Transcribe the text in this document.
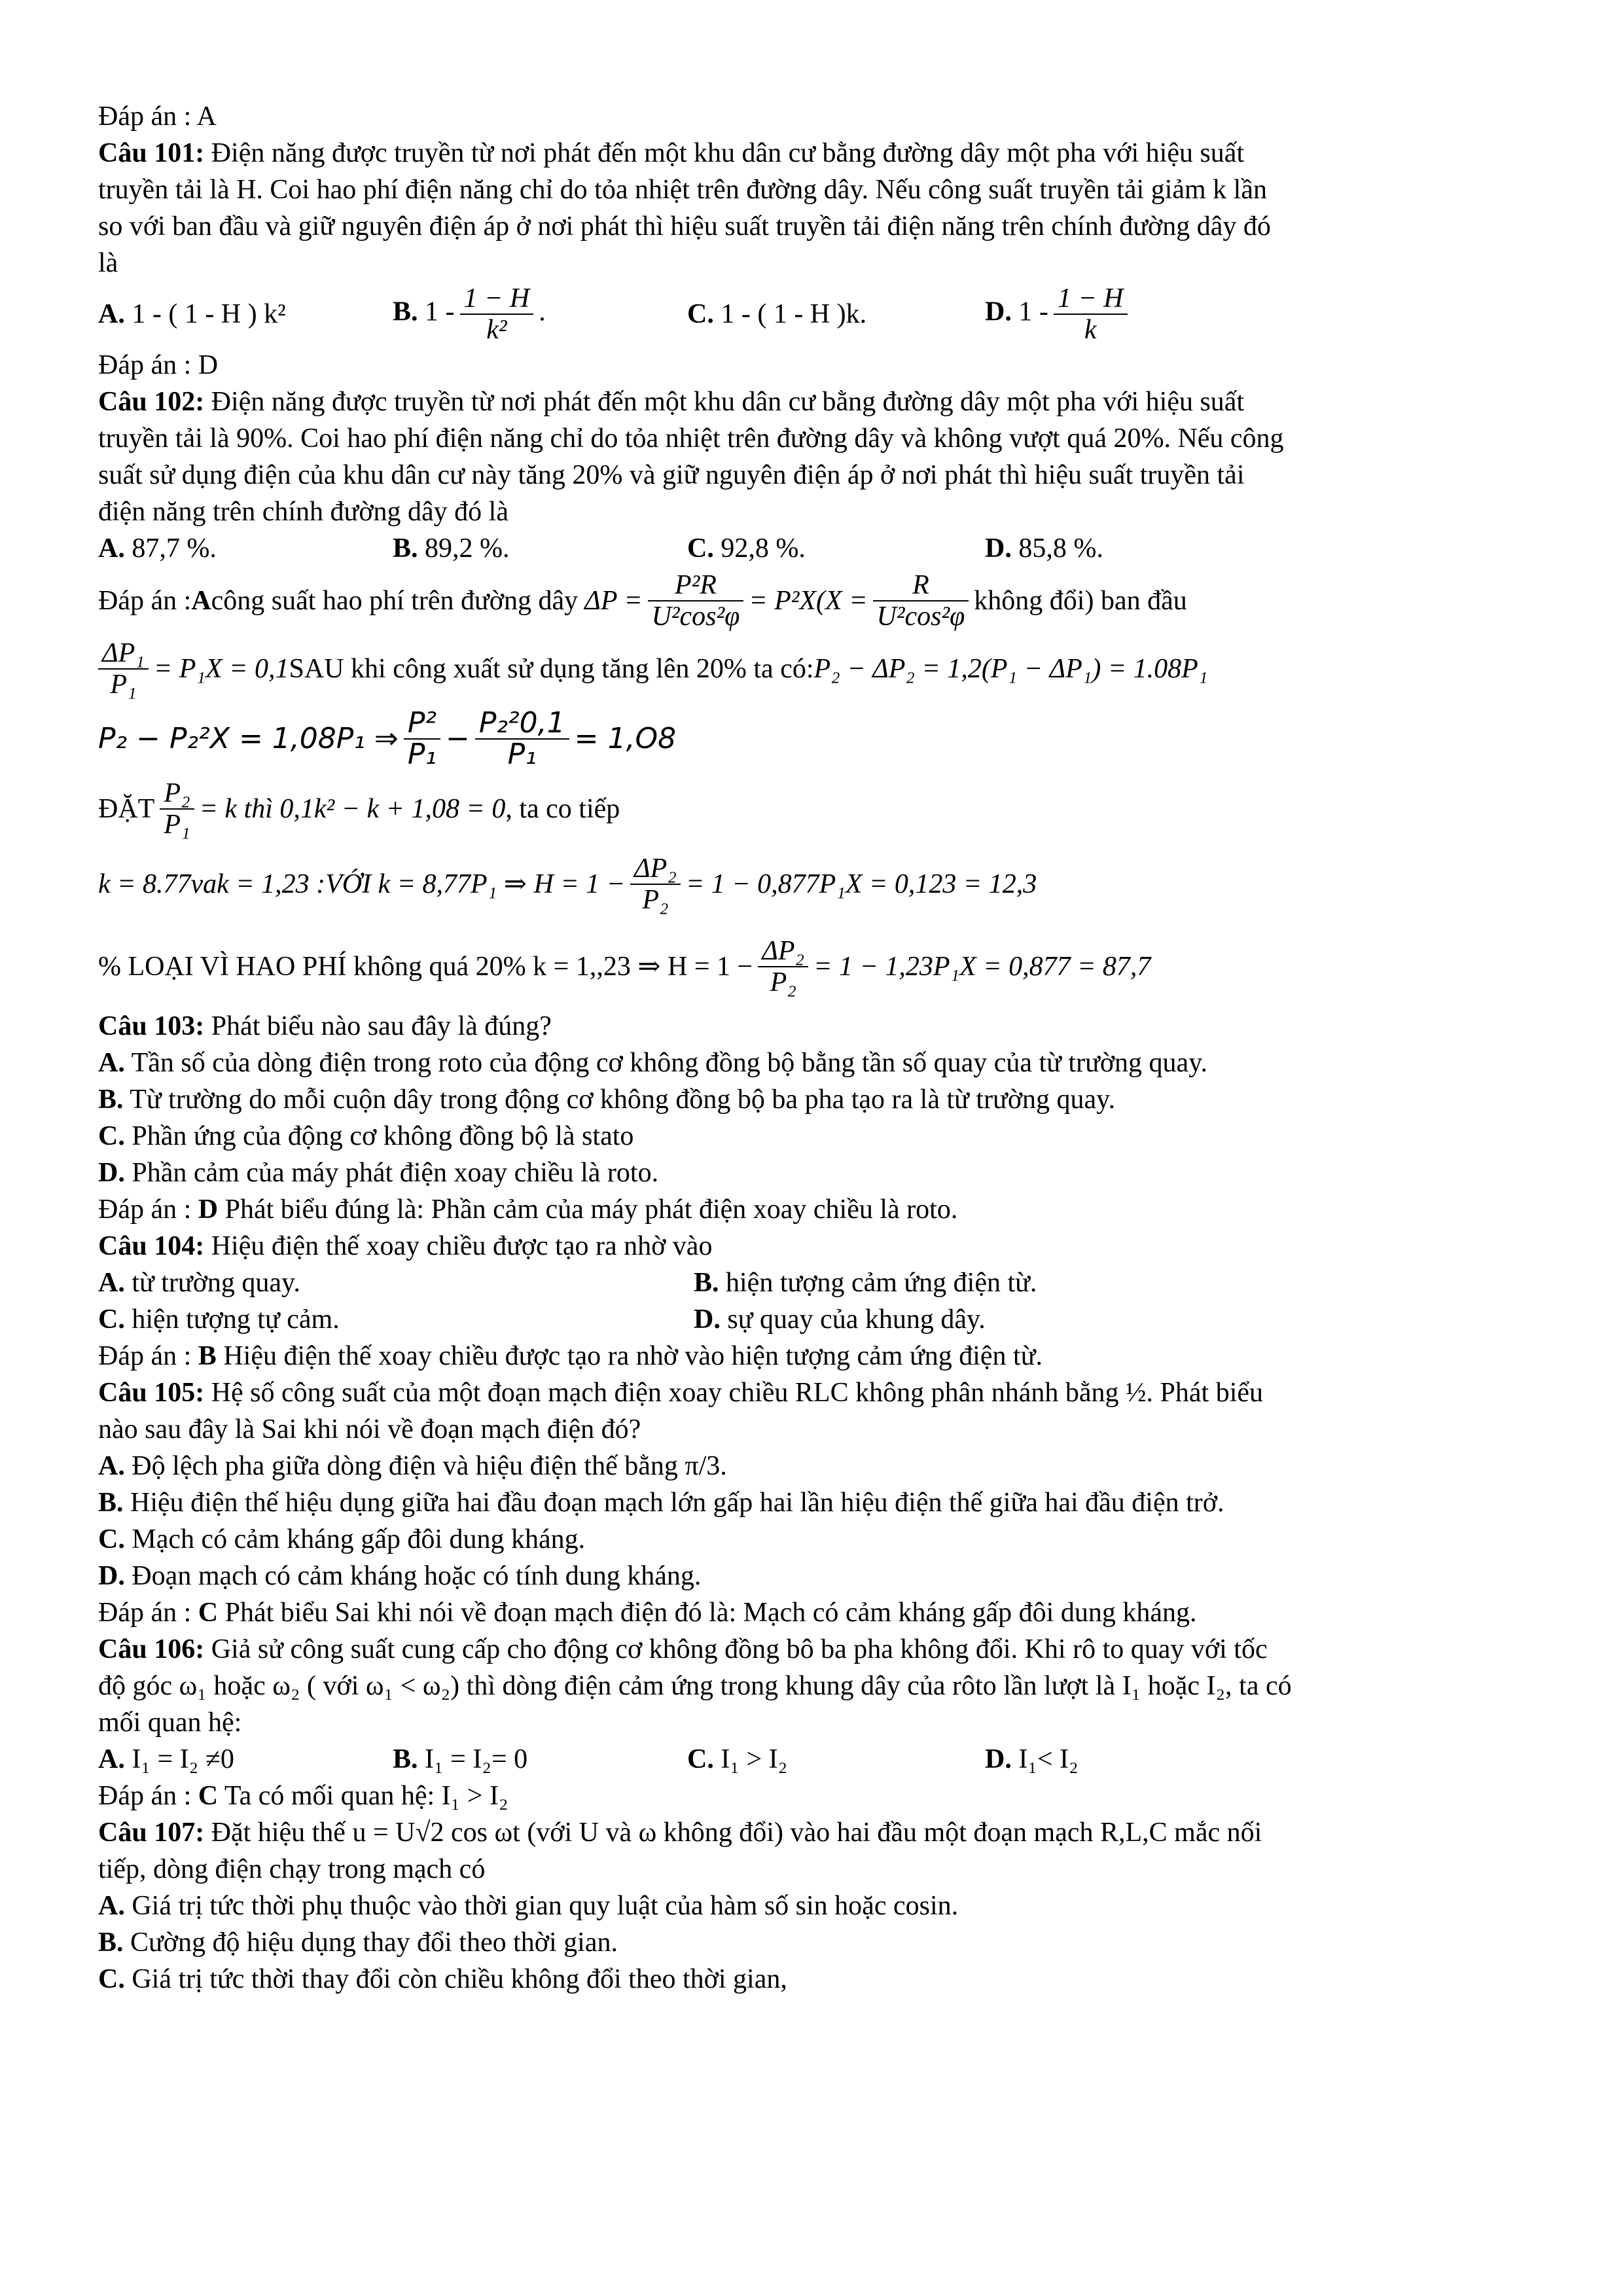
Đáp án : A
Câu 101: Điện năng được truyền từ nơi phát đến một khu dân cư bằng đường dây một pha với hiệu suất
truyền tải là H. Coi hao phí điện năng chỉ do tỏa nhiệt trên đường dây. Nếu công suất truyền tải giảm k lần
so với ban đầu và giữ nguyên điện áp ở nơi phát thì hiệu suất truyền tải điện năng trên chính đường dây đó
là
A. 1 - ( 1 - H ) k²	B. $1 - \frac{1 - H}{\text{k²}}$ .	C. 1 - ( 1 - H )k.	D. $1 - \frac{1 - H}{k}$
Đáp án : D
Câu 102: Điện năng được truyền từ nơi phát đến một khu dân cư bằng đường dây một pha với hiệu suất
truyền tải là 90%. Coi hao phí điện năng chỉ do tỏa nhiệt trên đường dây và không vượt quá 20%. Nếu công
suất sử dụng điện của khu dân cư này tăng 20% và giữ nguyên điện áp ở nơi phát thì hiệu suất truyền tải
điện năng trên chính đường dây đó là
A. 87,7 %.	B. 89,2 %.	C. 92,8 %.	D. 85,8 %.
Đáp án : A công suất hao phí trên đường dây $\Delta P = \frac{\text{P²R}}{\text{U²cos²φ}} = P^2X(X = \frac{R}{\text{U²cos²φ}}$ không đổi) ban đầu
$\frac{\text{ΔP₁}}{\text{P₁}} = P_1X = 0,1$ SAU khi công xuất sử dụng tăng lên 20% ta có: P₂ − ΔP₂ = 1,2(P₁ − ΔP₁) = 1.08P₁
P₂ − P₂²X = 1,08P₁ ⇒ $\frac{\text{P²}}{\text{P₁}} - \frac{\text{P₂²0,1}}{\text{P₁}} = 1,O8$
ĐẶT $\frac{\text{P₂}}{\text{P₁}} = k$ thì 0,1k² − k + 1,08 = 0 , ta co tiếp
k = 8.77vak = 1,23 :VỚI k = 8,77P₁ ⇒ $H = 1 - \frac{\text{ΔP₂}}{\text{P₂}} = 1 - 0,877P_1X = 0,123 = 12,3$
% LOẠI VÌ HAO PHÍ không quá 20% k = 1,,23 ⇒ $H = 1 - \frac{\text{ΔP₂}}{\text{P₂}} = 1 - 1,23P_1X = 0,877 = 87,7$
Câu 103: Phát biểu nào sau đây là đúng?
A. Tần số của dòng điện trong roto của động cơ không đồng bộ bằng tần số quay của từ trường quay.
B. Từ trường do mỗi cuộn dây trong động cơ không đồng bộ ba pha tạo ra là từ trường quay.
C. Phần ứng của động cơ không đồng bộ là stato
D. Phần cảm của máy phát điện xoay chiều là roto.
Đáp án : D Phát biểu đúng là: Phần cảm của máy phát điện xoay chiều là roto.
Câu 104: Hiệu điện thế xoay chiều được tạo ra nhờ vào
A. từ trường quay.	B. hiện tượng cảm ứng điện từ.
C. hiện tượng tự cảm.	D. sự quay của khung dây.
Đáp án : B Hiệu điện thế xoay chiều được tạo ra nhờ vào hiện tượng cảm ứng điện từ.
Câu 105: Hệ số công suất của một đoạn mạch điện xoay chiều RLC không phân nhánh bằng ½. Phát biểu
nào sau đây là Sai khi nói về đoạn mạch điện đó?
A. Độ lệch pha giữa dòng điện và hiệu điện thế bằng π/3.
B. Hiệu điện thế hiệu dụng giữa hai đầu đoạn mạch lớn gấp hai lần hiệu điện thế giữa hai đầu điện trở.
C. Mạch có cảm kháng gấp đôi dung kháng.
D. Đoạn mạch có cảm kháng hoặc có tính dung kháng.
Đáp án : C Phát biểu Sai khi nói về đoạn mạch điện đó là: Mạch có cảm kháng gấp đôi dung kháng.
Câu 106: Giả sử công suất cung cấp cho động cơ không đồng bô ba pha không đổi. Khi rô to quay với tốc
độ góc ω₁ hoặc ω₂ ( với ω₁ < ω₂) thì dòng điện cảm ứng trong khung dây của rôto lần lượt là I₁ hoặc I₂, ta có
mối quan hệ:
A. I₁ = I₂ ≠0	B. I₁ = I₂= 0	C. I₁ > I₂	D. I₁< I₂
Đáp án : C Ta có mối quan hệ: I₁ > I₂
Câu 107: Đặt hiệu thế u = U√2 cos ωt (với U và ω không đổi) vào hai đầu một đoạn mạch R,L,C mắc nối
tiếp, dòng điện chạy trong mạch có
A. Giá trị tức thời phụ thuộc vào thời gian quy luật của hàm số sin hoặc cosin.
B. Cường độ hiệu dụng thay đổi theo thời gian.
C. Giá trị tức thời thay đổi còn chiều không đổi theo thời gian,
